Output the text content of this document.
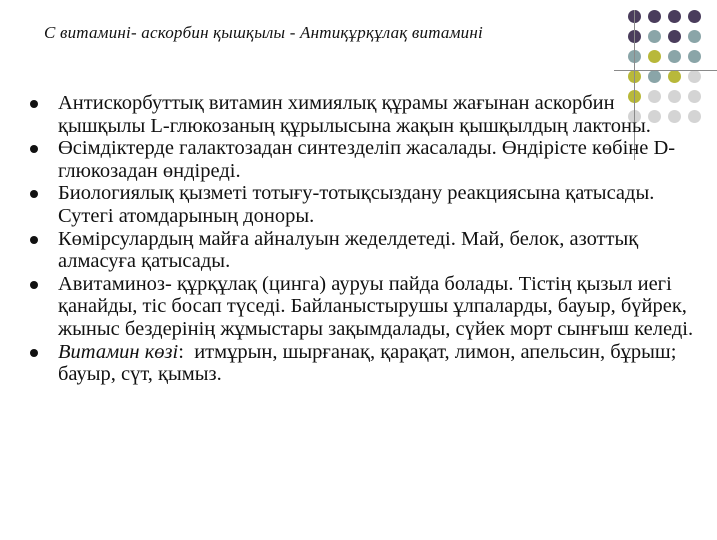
С витамині- аскорбин қышқылы - Антиқұрқұлақ витамині
Антискорбуттық витамин химиялық құрамы жағынан аскорбин қышқылы L-глюкозаның құрылысына жақын қышқылдың лактоны.
Өсімдіктерде галактозадан синтезделіп жасалады. Өндірісте көбіне D-глюкозадан өндіреді.
Биологиялық қызметі тотығу-тотықсыздану реакциясына қатысады. Сутегі атомдарының доноры.
Көмірсулардың майға айналуын жеделдетеді. Май, белок, азоттық алмасуға қатысады.
Авитаминоз- құрқұлақ (цинга) ауруы пайда болады. Тістің қызыл иегі қанайды, тіс босап түседі. Байланыстырушы ұлпаларды, бауыр, бүйрек, жыныс бездерінің жұмыстары зақымдалады, сүйек морт сынғыш келеді.
Витамин көзі:  итмұрын, шырғанақ, қарақат, лимон, апельсин, бұрыш; бауыр, сүт, қымыз.
